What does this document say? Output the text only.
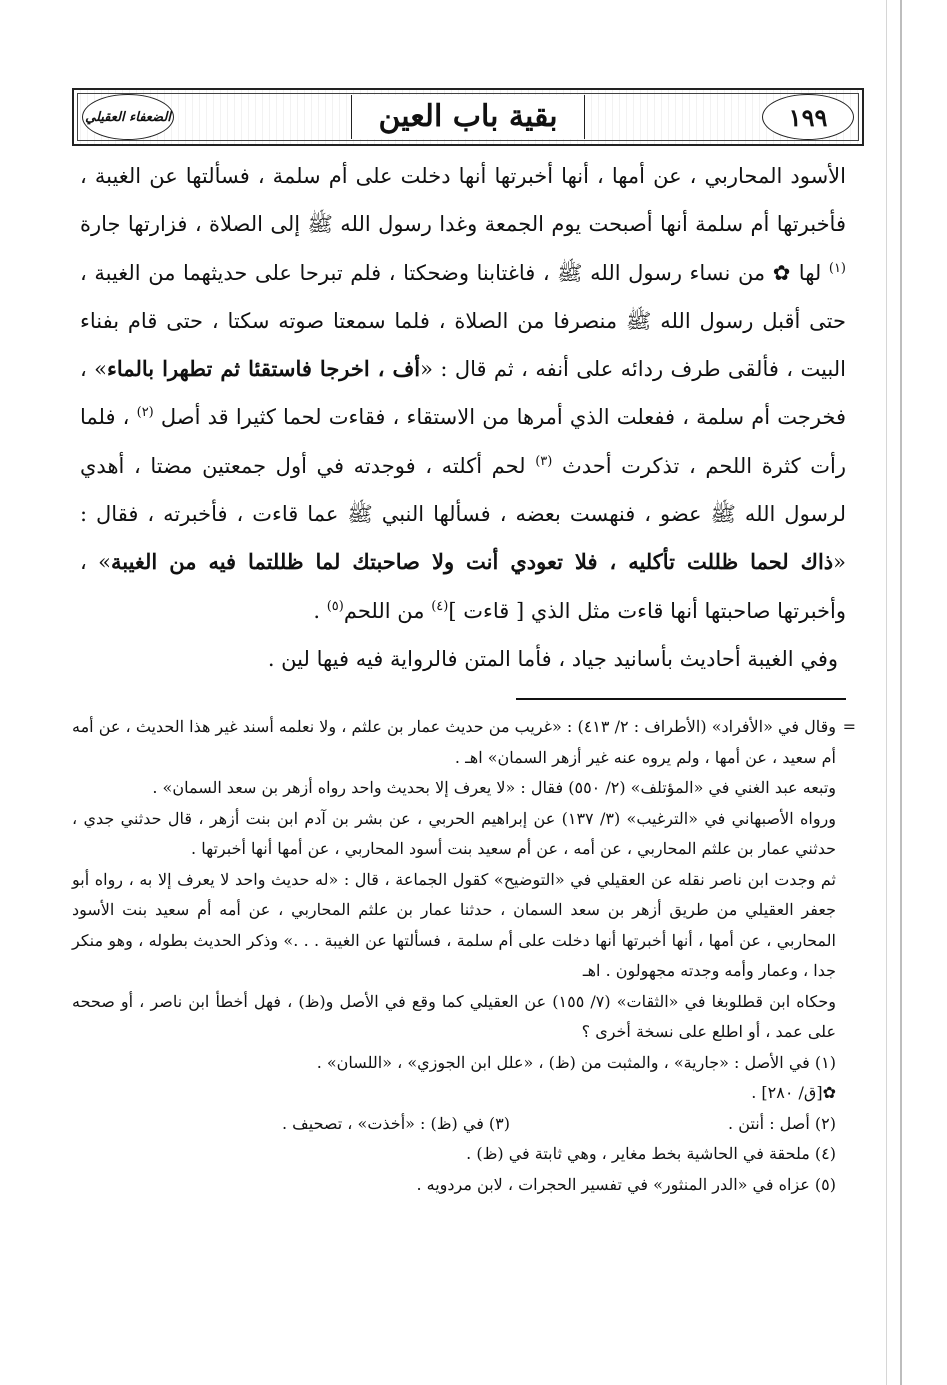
الضعفاء العقيلي	بقية باب العين	١٩٩

الأسود المحاربي ، عن أمها ، أنها أخبرتها أنها دخلت على أم سلمة ، فسألتها عن الغيبة ، فأخبرتها أم سلمة أنها أصبحت يوم الجمعة وغدا رسول الله ﷺ إلى الصلاة ، فزارتها جارة $^{(١)}$ لها ✿ من نساء رسول الله ﷺ ، فاغتابنا وضحكتا ، فلم تبرحا على حديثهما من الغيبة ، حتى أقبل رسول الله ﷺ منصرفا من الصلاة ، فلما سمعتا صوته سكتا ، حتى قام بفناء البيت ، فألقى طرف ردائه على أنفه ، ثم قال : «أف ، اخرجا فاستقئا ثم تطهرا بالماء» ، فخرجت أم سلمة ، ففعلت الذي أمرها من الاستقاء ، فقاءت لحما كثيرا قد أصل $^{(٢)}$ ، فلما رأت كثرة اللحم ، تذكرت أحدث $^{(٣)}$ لحم أكلته ، فوجدته في أول جمعتين مضتا ، أهدي لرسول الله ﷺ عضو ، فنهست بعضه ، فسألها النبي ﷺ عما قاءت ، فأخبرته ، فقال : «ذاك لحما ظللت تأكليه ، فلا تعودي أنت ولا صاحبتك لما ظللتما فيه من الغيبة» ، وأخبرتها صاحبتها أنها قاءت مثل الذي [ قاءت ]$^{(٤)}$ من اللحم$^{(٥)}$ .

وفي الغيبة أحاديث بأسانيد جياد ، فأما المتن فالرواية فيه فيها لين .

=
وقال في «الأفراد» (الأطراف : ٢/ ٤١٣) : «غريب من حديث عمار بن علثم ، ولا نعلمه أسند غير هذا الحديث ، عن أمه أم سعيد ، عن أمها ، ولم يروه عنه غير أزهر السمان» اهـ .

وتبعه عبد الغني في «المؤتلف» (٢/ ٥٥٠) فقال : «لا يعرف إلا بحديث واحد رواه أزهر بن سعد السمان» .

ورواه الأصبهاني في «الترغيب» (٣/ ١٣٧) عن إبراهيم الحربي ، عن بشر بن آدم ابن بنت أزهر ، قال حدثني جدي ، حدثني عمار بن علثم المحاربي ، عن أمه ، عن أم سعيد بنت أسود المحاربي ، عن أمها أنها أخبرتها .

ثم وجدت ابن ناصر نقله عن العقيلي في «التوضيح» كقول الجماعة ، قال : «له حديث واحد لا يعرف إلا به ، رواه أبو جعفر العقيلي من طريق أزهر بن سعد السمان ، حدثنا عمار بن علثم المحاربي ، عن أمه أم سعيد بنت الأسود المحاربي ، عن أمها ، أنها أخبرتها أنها دخلت على أم سلمة ، فسألتها عن الغيبة . . .» وذكر الحديث بطوله ، وهو منكر جدا ، وعمار وأمه وجدته مجهولون . اهـ

وحكاه ابن قطلوبغا في «الثقات» (٧/ ١٥٥) عن العقيلي كما وقع في الأصل و(ظ) ، فهل أخطأ ابن ناصر ، أو صححه على عمد ، أو اطلع على نسخة أخرى ؟

(١) في الأصل : «جارية» ، والمثبت من (ظ) ، «علل ابن الجوزي» ، «اللسان» .

✿[ق/ ٢٨٠] .

(٢) أصل : أنتن .
(٣) في (ظ) : «أخذت» ، تصحيف .

(٤) ملحقة في الحاشية بخط مغاير ، وهي ثابتة في (ظ) .

(٥) عزاه في «الدر المنثور» في تفسير الحجرات ، لابن مردويه .
